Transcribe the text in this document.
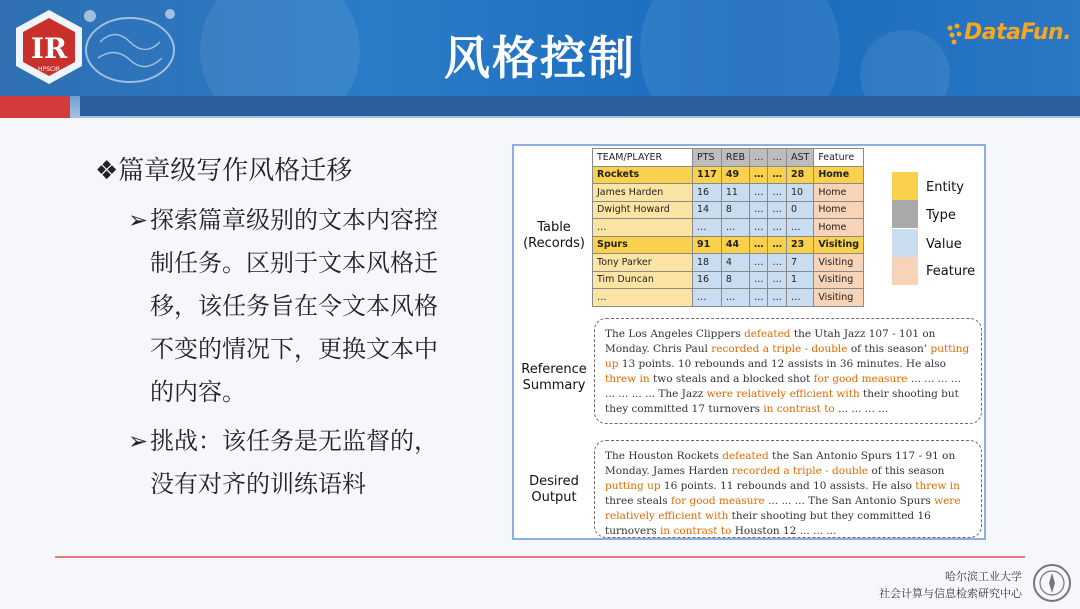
IR
HPSCIR	风格控制	DataFun.
❖篇章级写作风格迁移
➢ 探索篇章级别的文本内容控
制任务。区别于文本风格迁
移，该任务旨在令文本风格
不变的情况下，更换文本中
的内容。
➢ 挑战：该任务是无监督的，
没有对齐的训练语料
Table
(Records)
Reference
Summary
Desired
Output
TEAM/PLAYER	PTS	REB	…	…	AST	Feature
Rockets	117	49	…	…	28	Home
James Harden	16	11	…	…	10	Home
Dwight Howard	14	8	…	…	0	Home
…	…	…	…	…	…	Home
Spurs	91	44	…	…	23	Visiting
Tony Parker	18	4	…	…	7	Visiting
Tim Duncan	16	8	…	…	1	Visiting
…	…	…	…	…	…	Visiting
Entity
Type
Value
Feature
The Los Angeles Clippers defeated the Utah Jazz 107 - 101 on Monday. Chris Paul recorded a triple - double of this season’ putting up 13 points. 10 rebounds and 12 assists in 36 minutes. He also threw in two steals and a blocked shot for good measure ... ... ... ... ... ... ... ... The Jazz were relatively efficient with their shooting but they committed 17 turnovers in contrast to ... ... ... ...
The Houston Rockets defeated the San Antonio Spurs 117 - 91 on Monday. James Harden recorded a triple - double of this season putting up 16 points. 11 rebounds and 10 assists. He also threw in three steals for good measure ... ... ... The San Antonio Spurs were relatively efficient with their shooting but they committed 16 turnovers in contrast to Houston 12 ... ... ...
哈尔滨工业大学
社会计算与信息检索研究中心
